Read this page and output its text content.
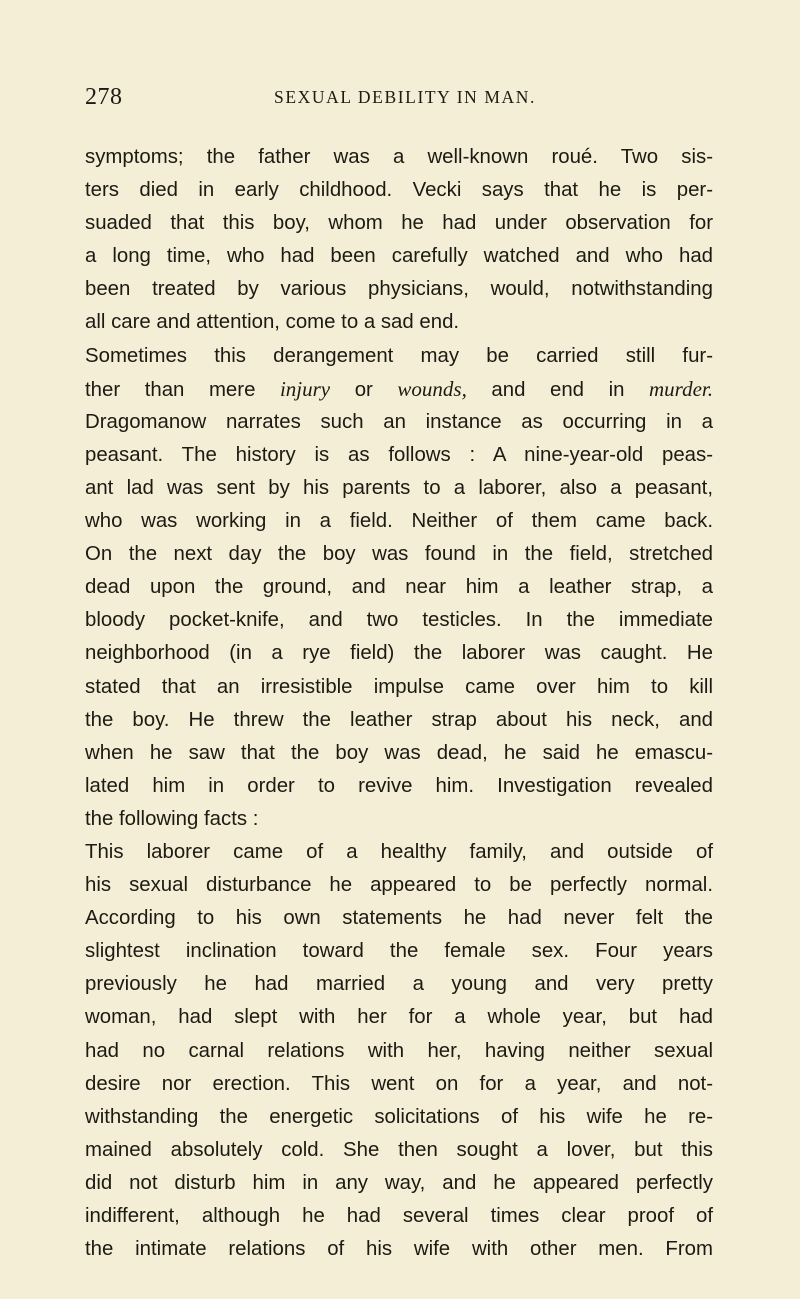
278	SEXUAL DEBILITY IN MAN.
symptoms; the father was a well-known roué. Two sis-
ters died in early childhood. Vecki says that he is per-
suaded that this boy, whom he had under observation for
a long time, who had been carefully watched and who had
been treated by various physicians, would, notwithstanding
all care and attention, come to a sad end.
Sometimes this derangement may be carried still fur-
ther than mere injury or wounds, and end in murder.
Dragomanow narrates such an instance as occurring in a
peasant. The history is as follows : A nine-year-old peas-
ant lad was sent by his parents to a laborer, also a peasant,
who was working in a field. Neither of them came back.
On the next day the boy was found in the field, stretched
dead upon the ground, and near him a leather strap, a
bloody pocket-knife, and two testicles. In the immediate
neighborhood (in a rye field) the laborer was caught. He
stated that an irresistible impulse came over him to kill
the boy. He threw the leather strap about his neck, and
when he saw that the boy was dead, he said he emascu-
lated him in order to revive him. Investigation revealed
the following facts :
This laborer came of a healthy family, and outside of
his sexual disturbance he appeared to be perfectly normal.
According to his own statements he had never felt the
slightest inclination toward the female sex. Four years
previously he had married a young and very pretty
woman, had slept with her for a whole year, but had
had no carnal relations with her, having neither sexual
desire nor erection. This went on for a year, and not-
withstanding the energetic solicitations of his wife he re-
mained absolutely cold. She then sought a lover, but this
did not disturb him in any way, and he appeared perfectly
indifferent, although he had several times clear proof of
the intimate relations of his wife with other men. From
